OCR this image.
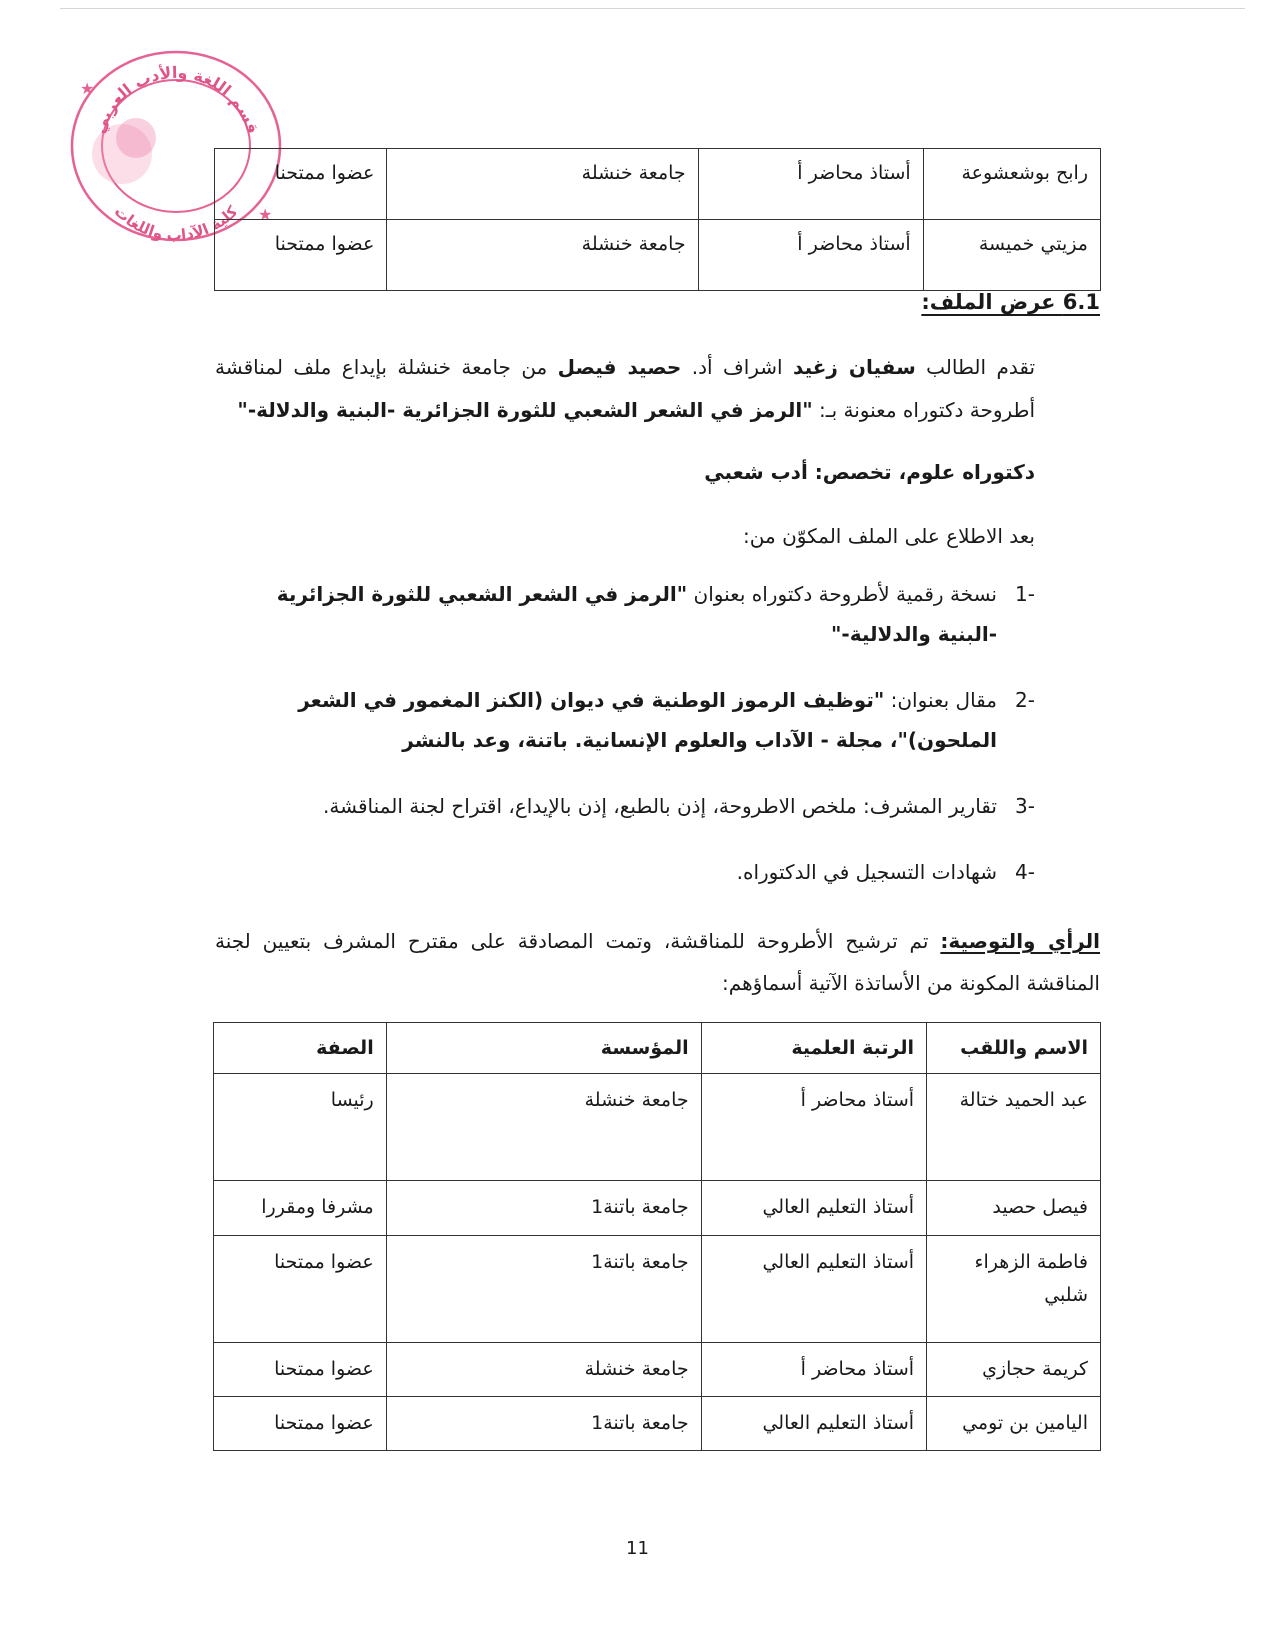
قسم اللغة والأدب العربي
كلية الآداب واللغات
★
★
رابح بوشعشوعة	أستاذ محاضر أ	جامعة خنشلة	عضوا ممتحنا
مزيتي خميسة	أستاذ محاضر أ	جامعة خنشلة	عضوا ممتحنا
6.1 عرض الملف:
تقدم الطالب سفيان زغيد اشراف أد. حصيد فيصل من جامعة خنشلة بإيداع ملف لمناقشة أطروحة دكتوراه معنونة بـ: "الرمز في الشعر الشعبي للثورة الجزائرية -البنية والدلالة-"
دكتوراه علوم، تخصص: أدب شعبي
بعد الاطلاع على الملف المكوّن من:
-1
نسخة رقمية لأطروحة دكتوراه بعنوان "الرمز في الشعر الشعبي للثورة الجزائرية -البنية والدلالية-"
-2
مقال بعنوان: "توظيف الرموز الوطنية في ديوان (الكنز المغمور في الشعر الملحون)"، مجلة - الآداب والعلوم الإنسانية. باتنة، وعد بالنشر
-3
تقارير المشرف: ملخص الاطروحة، إذن بالطبع، إذن بالإيداع، اقتراح لجنة المناقشة.
-4
شهادات التسجيل في الدكتوراه.
الرأي والتوصية: تم ترشيح الأطروحة للمناقشة، وتمت المصادقة على مقترح المشرف بتعيين لجنة المناقشة المكونة من الأساتذة الآتية أسماؤهم:
الاسم واللقب	الرتبة العلمية	المؤسسة	الصفة
عبد الحميد ختالة	أستاذ محاضر أ	جامعة خنشلة	رئيسا
فيصل حصيد	أستاذ التعليم العالي	جامعة باتنة1	مشرفا ومقررا
فاطمة الزهراء شلبي	أستاذ التعليم العالي	جامعة باتنة1	عضوا ممتحنا
كريمة حجازي	أستاذ محاضر أ	جامعة خنشلة	عضوا ممتحنا
اليامين بن تومي	أستاذ التعليم العالي	جامعة باتنة1	عضوا ممتحنا
11
